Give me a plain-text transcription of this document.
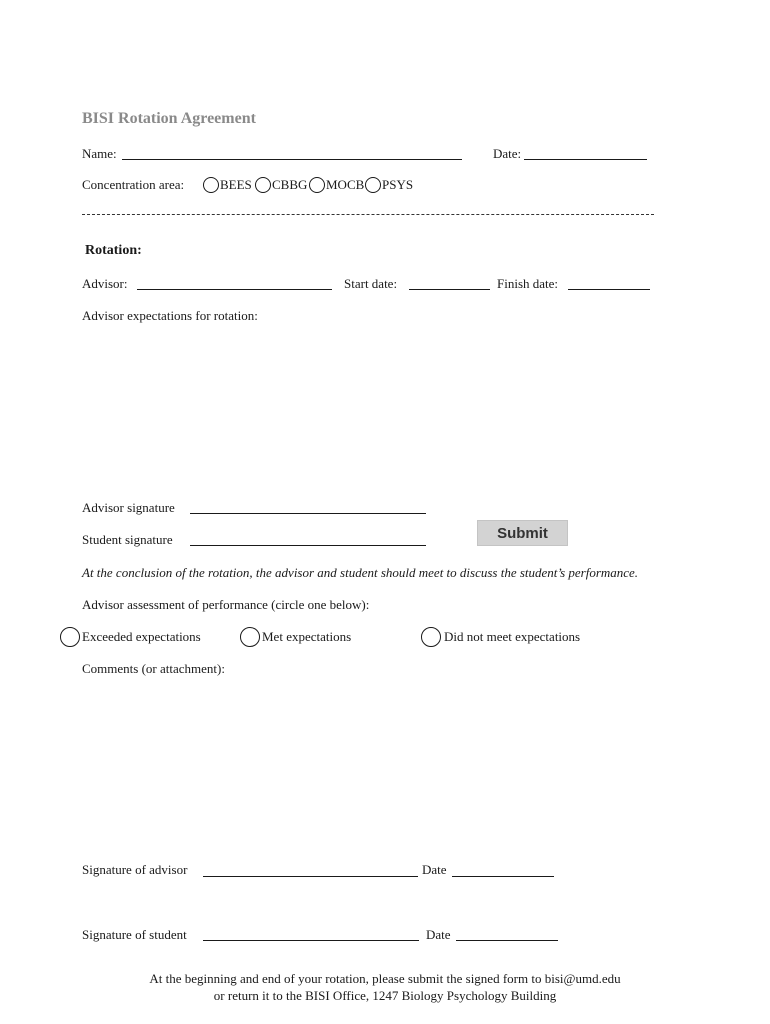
BISI Rotation Agreement
Name:	Date:
Concentration area:	BEES CBBG MOCB PSYS
Rotation:
Advisor:	Start date:	Finish date:
Advisor expectations for rotation:
Advisor signature
Submit
Student signature
At the conclusion of the rotation, the advisor and student should meet to discuss the student’s performance.
Advisor assessment of performance (circle one below):
Exceeded expectations	Met expectations	Did not meet expectations
Comments (or attachment):
Signature of advisor	Date
Signature of student	Date
At the beginning and end of your rotation, please submit the signed form to bisi@umd.edu
or return it to the BISI Office, 1247 Biology Psychology Building
